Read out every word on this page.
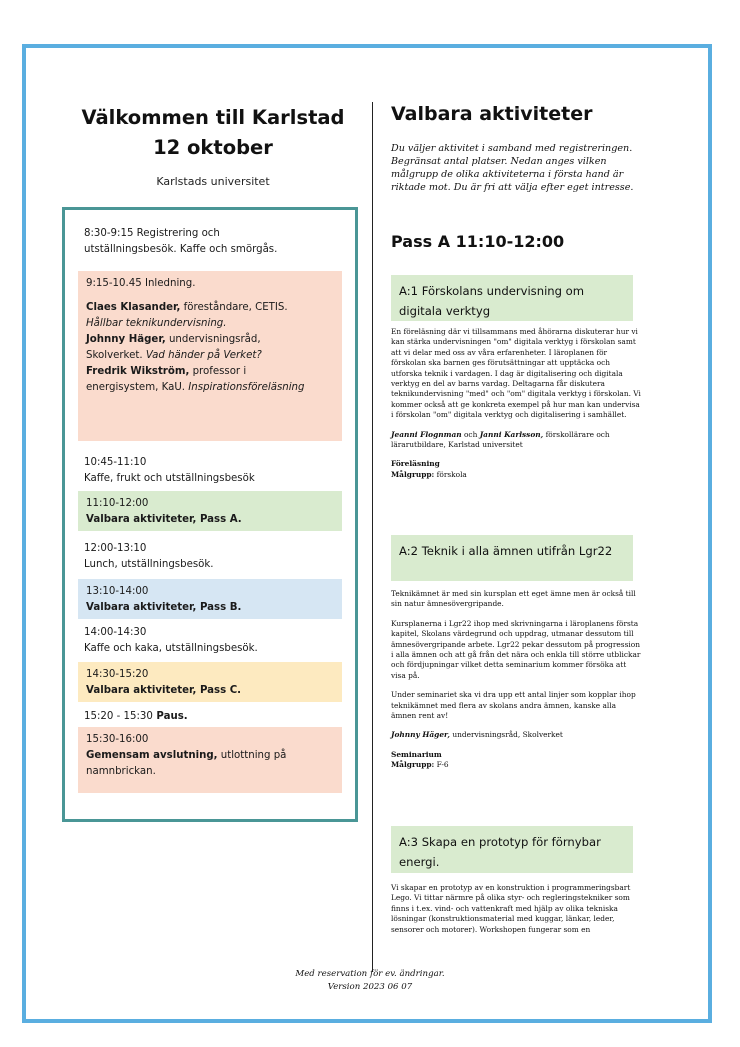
Välkommen till Karlstad
12 oktober
Karlstads universitet
8:30-9:15 Registrering och
utställningsbesök. Kaffe och smörgås.
9:15-10.45 Inledning.
Claes Klasander, föreståndare, CETIS.
Hållbar teknikundervisning.
Johnny Häger, undervisningsråd,
Skolverket. Vad händer på Verket?
Fredrik Wikström, professor i
energisystem, KaU. Inspirationsföreläsning
10:45-11:10
Kaffe, frukt och utställningsbesök
11:10-12:00
Valbara aktiviteter, Pass A.
12:00-13:10
Lunch, utställningsbesök.
13:10-14:00
Valbara aktiviteter, Pass B.
14:00-14:30
Kaffe och kaka, utställningsbesök.
14:30-15:20
Valbara aktiviteter, Pass C.
15:20 - 15:30 Paus.
15:30-16:00
Gemensam avslutning, utlottning på
namnbrickan.
Valbara aktiviteter
Du väljer aktivitet i samband med registreringen. Begränsat antal platser. Nedan anges vilken målgrupp de olika aktiviteterna i första hand är riktade mot. Du är fri att välja efter eget intresse.
Pass A 11:10-12:00
A:1 Förskolans undervisning om digitala verktyg

En föreläsning där vi tillsammans med åhörarna diskuterar hur vi kan stärka undervisningen "om" digitala verktyg i förskolan samt att vi delar med oss av våra erfarenheter. I läroplanen för förskolan ska barnen ges förutsättningar att upptäcka och utforska teknik i vardagen. I dag är digitalisering och digitala verktyg en del av barns vardag. Deltagarna får diskutera teknikundervisning "med" och "om" digitala verktyg i förskolan. Vi kommer också att ge konkreta exempel på hur man kan undervisa i förskolan "om" digitala verktyg och digitalisering i samhället.

Jeanni Flognman och Janni Karlsson, förskollärare och lärarutbildare, Karlstad universitet

Föreläsning
Målgrupp: förskola

A:2 Teknik i alla ämnen utifrån Lgr22

Teknikämnet är med sin kursplan ett eget ämne men är också till sin natur ämnesövergripande.

Kursplanerna i Lgr22 ihop med skrivningarna i läroplanens första kapitel, Skolans värdegrund och uppdrag, utmanar dessutom till ämnesövergripande arbete. Lgr22 pekar dessutom på progression i alla ämnen och att gå från det nära och enkla till större utblickar och fördjupningar vilket detta seminarium kommer försöka att visa på.

Under seminariet ska vi dra upp ett antal linjer som kopplar ihop teknikämnet med flera av skolans andra ämnen, kanske alla ämnen rent av!

Johnny Häger, undervisningsråd, Skolverket

Seminarium
Målgrupp: F-6

A:3 Skapa en prototyp för förnybar energi.

Vi skapar en prototyp av en konstruktion i programmeringsbart Lego. Vi tittar närmre på olika styr- och regleringstekniker som finns i t.ex. vind- och vattenkraft med hjälp av olika tekniska lösningar (konstruktionsmaterial med kuggar, länkar, leder, sensorer och motorer). Workshopen fungerar som en

Med reservation för ev. ändringar.
Version 2023 06 07
